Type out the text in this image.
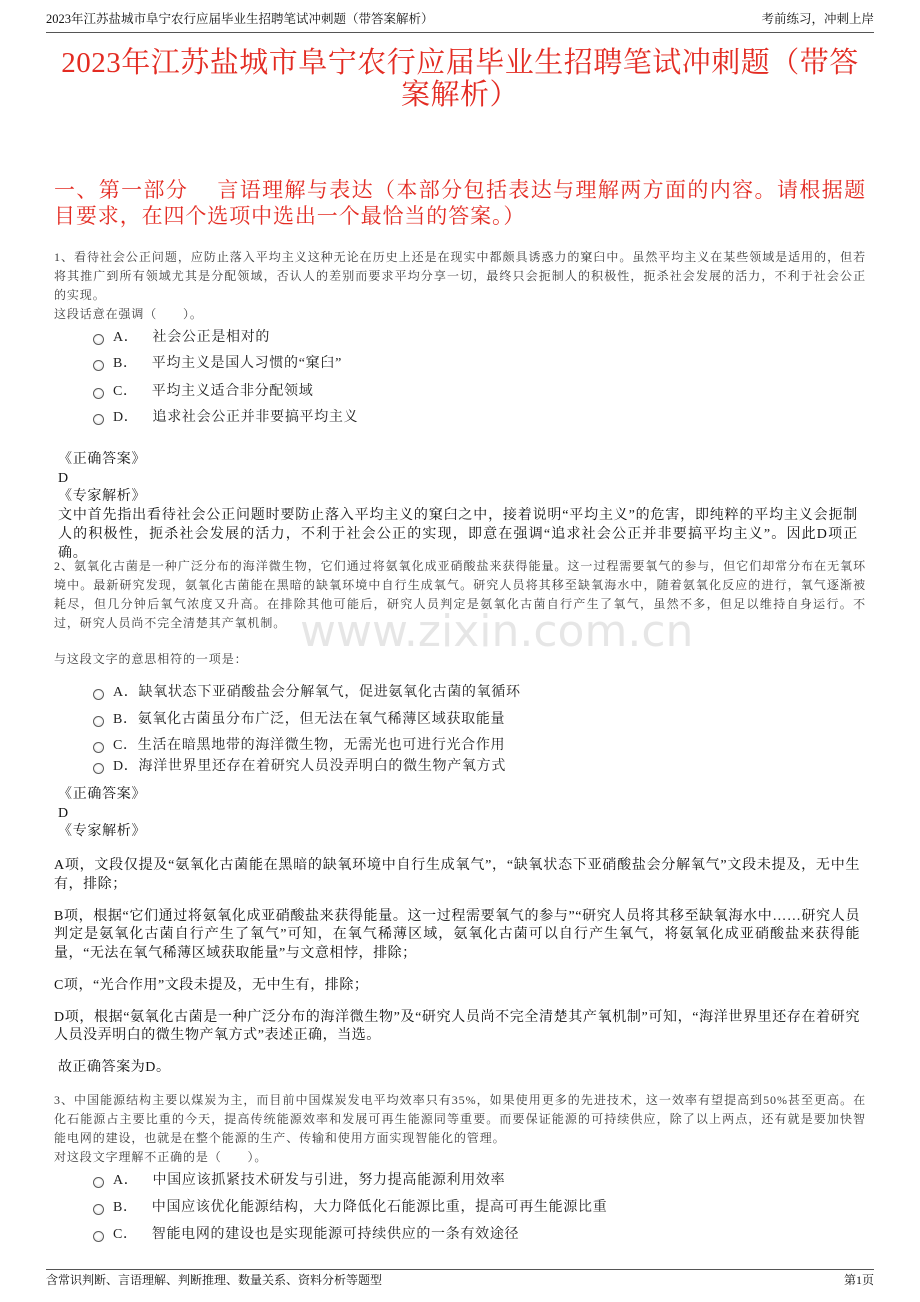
2023年江苏盐城市阜宁农行应届毕业生招聘笔试冲刺题（带答案解析）	考前练习，冲刺上岸
2023年江苏盐城市阜宁农行应届毕业生招聘笔试冲刺题（带答案解析）
一、第一部分　 言语理解与表达（本部分包括表达与理解两方面的内容。请根据题目要求，在四个选项中选出一个最恰当的答案。）
1、看待社会公正问题，应防止落入平均主义这种无论在历史上还是在现实中都颇具诱惑力的窠臼中。虽然平均主义在某些领域是适用的，但若将其推广到所有领域尤其是分配领域，否认人的差别而要求平均分享一切，最终只会扼制人的积极性，扼杀社会发展的活力，不利于社会公正的实现。
这段话意在强调（　　）。
A． 社会公正是相对的
B． 平均主义是国人习惯的“窠臼”
C． 平均主义适合非分配领域
D． 追求社会公正并非要搞平均主义
《正确答案》
D
《专家解析》
文中首先指出看待社会公正问题时要防止落入平均主义的窠臼之中，接着说明“平均主义”的危害，即纯粹的平均主义会扼制人的积极性，扼杀社会发展的活力，不利于社会公正的实现，即意在强调“追求社会公正并非要搞平均主义”。因此D项正确。
2、氨氧化古菌是一种广泛分布的海洋微生物，它们通过将氨氧化成亚硝酸盐来获得能量。这一过程需要氧气的参与，但它们却常分布在无氧环境中。最新研究发现，氨氧化古菌能在黑暗的缺氧环境中自行生成氧气。研究人员将其移至缺氧海水中，随着氨氧化反应的进行，氧气逐渐被耗尽，但几分钟后氧气浓度又升高。在排除其他可能后，研究人员判定是氨氧化古菌自行产生了氧气，虽然不多，但足以维持自身运行。不过，研究人员尚不完全清楚其产氧机制。
与这段文字的意思相符的一项是：
A．缺氧状态下亚硝酸盐会分解氧气，促进氨氧化古菌的氧循环
B．氨氧化古菌虽分布广泛，但无法在氧气稀薄区域获取能量
C．生活在暗黑地带的海洋微生物，无需光也可进行光合作用
D．海洋世界里还存在着研究人员没弄明白的微生物产氧方式
《正确答案》
D
《专家解析》

A项，文段仅提及“氨氧化古菌能在黑暗的缺氧环境中自行生成氧气”，“缺氧状态下亚硝酸盐会分解氧气”文段未提及，无中生有，排除；

B项，根据“它们通过将氨氧化成亚硝酸盐来获得能量。这一过程需要氧气的参与”“研究人员将其移至缺氧海水中……研究人员判定是氨氧化古菌自行产生了氧气”可知，在氧气稀薄区域，氨氧化古菌可以自行产生氧气，将氨氧化成亚硝酸盐来获得能量，“无法在氧气稀薄区域获取能量”与文意相悖，排除；

C项，“光合作用”文段未提及，无中生有，排除；

D项，根据“氨氧化古菌是一种广泛分布的海洋微生物”及“研究人员尚不完全清楚其产氧机制”可知，“海洋世界里还存在着研究人员没弄明白的微生物产氧方式”表述正确，当选。

故正确答案为D。

3、中国能源结构主要以煤炭为主，而目前中国煤炭发电平均效率只有35%，如果使用更多的先进技术，这一效率有望提高到50%甚至更高。在化石能源占主要比重的今天，提高传统能源效率和发展可再生能源同等重要。而要保证能源的可持续供应，除了以上两点，还有就是要加快智能电网的建设，也就是在整个能源的生产、传输和使用方面实现智能化的管理。
对这段文字理解不正确的是（　　）。
A． 中国应该抓紧技术研发与引进，努力提高能源利用效率
B． 中国应该优化能源结构，大力降低化石能源比重，提高可再生能源比重
C． 智能电网的建设也是实现能源可持续供应的一条有效途径
www.zixin.com.cn
含常识判断、言语理解、判断推理、数量关系、资料分析等题型	第1页
